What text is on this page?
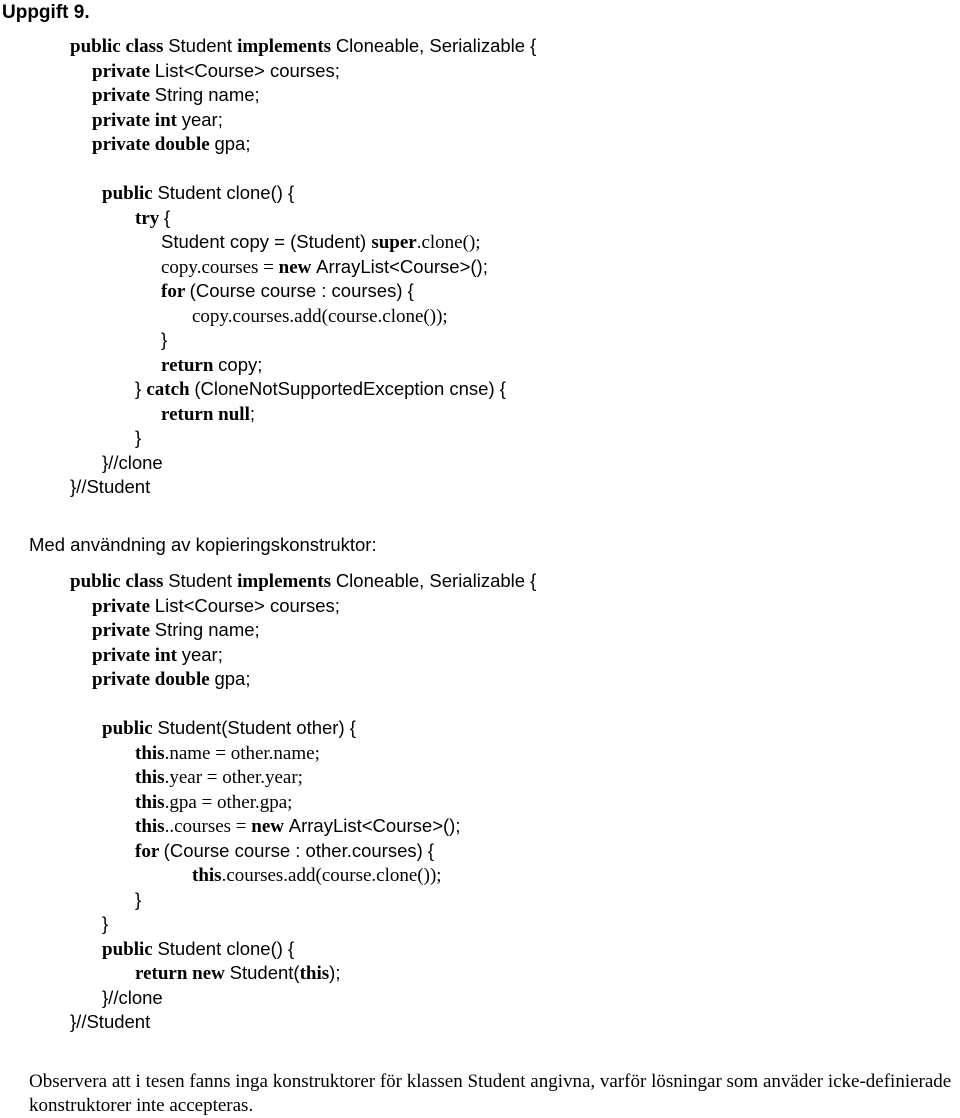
Uppgift 9.
public class Student implements Cloneable, Serializable {
private List<Course> courses;
private String name;
private int year;
private double gpa;
public Student clone() {
try {
Student copy = (Student) super.clone();
copy.courses = new ArrayList<Course>();
for (Course course : courses) {
copy.courses.add(course.clone());
}
return copy;
} catch (CloneNotSupportedException cnse) {
return null;
}
}//clone
}//Student
Med användning av kopieringskonstruktor:
public class Student implements Cloneable, Serializable {
private List<Course> courses;
private String name;
private int year;
private double gpa;
public Student(Student other) {
this.name = other.name;
this.year = other.year;
this.gpa = other.gpa;
this..courses = new ArrayList<Course>();
for (Course course : other.courses) {
this.courses.add(course.clone());
}
}
public Student clone() {
return new Student(this);
}//clone
}//Student
Observera att i tesen fanns inga konstruktorer för klassen Student angivna, varför lösningar som anväder icke-definierade konstruktorer inte accepteras.
